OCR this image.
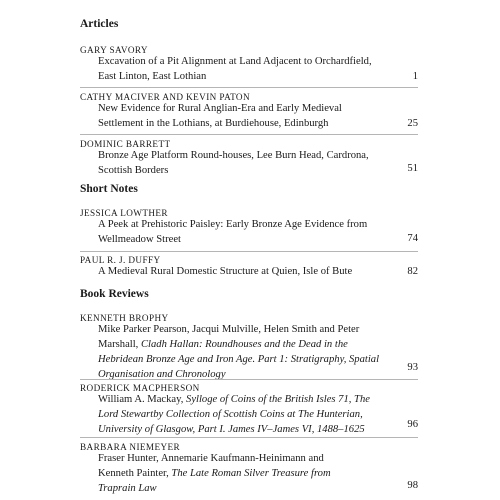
Articles
GARY SAVORY
Excavation of a Pit Alignment at Land Adjacent to Orchardfield,
East Linton, East Lothian	1
CATHY MACIVER AND KEVIN PATON
New Evidence for Rural Anglian-Era and Early Medieval
Settlement in the Lothians, at Burdiehouse, Edinburgh	25
DOMINIC BARRETT
Bronze Age Platform Round-houses, Lee Burn Head, Cardrona,
Scottish Borders	51
Short Notes
JESSICA LOWTHER
A Peek at Prehistoric Paisley: Early Bronze Age Evidence from
Wellmeadow Street	74
PAUL R. J. DUFFY
A Medieval Rural Domestic Structure at Quien, Isle of Bute	82
Book Reviews
KENNETH BROPHY
Mike Parker Pearson, Jacqui Mulville, Helen Smith and Peter
Marshall, Cladh Hallan: Roundhouses and the Dead in the
Hebridean Bronze Age and Iron Age. Part 1: Stratigraphy, Spatial
Organisation and Chronology
93
RODERICK MACPHERSON
William A. Mackay, Sylloge of Coins of the British Isles 71, The
Lord Stewartby Collection of Scottish Coins at The Hunterian,
University of Glasgow, Part I. James IV–James VI, 1488–1625	96
BARBARA NIEMEYER
Fraser Hunter, Annemarie Kaufmann-Heinimann and
Kenneth Painter, The Late Roman Silver Treasure from
Traprain Law	98
